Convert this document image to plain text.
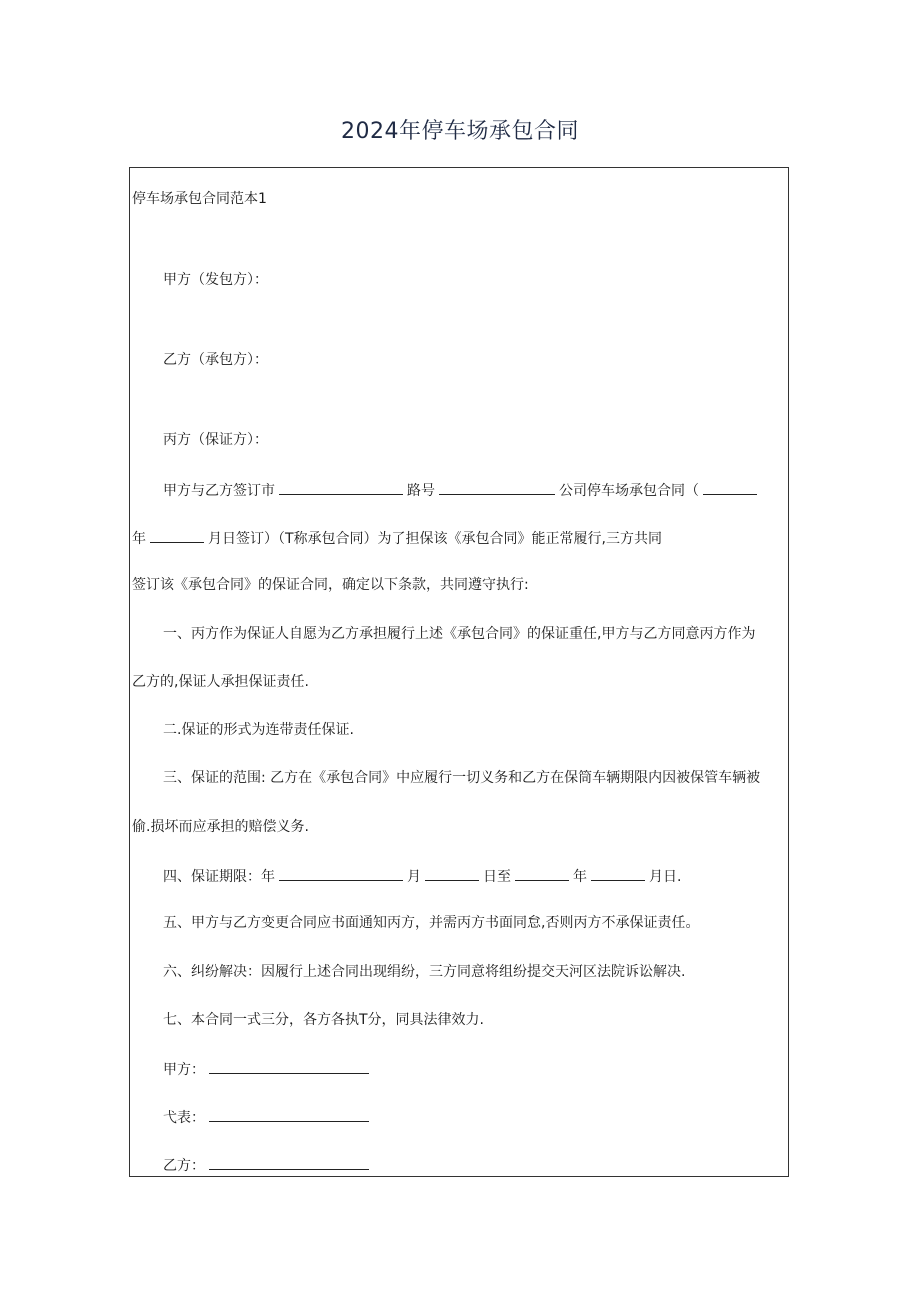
2024年停车场承包合同
停车场承包合同范本1
甲方（发包方）：
乙方（承包方）：
丙方（保证方）：
甲方与乙方签订市	路号	公司停车场承包合同（
年	月日签订）（T称承包合同）为了担保该《承包合同》能正常履行,三方共同
签订该《承包合同》的保证合同，确定以下条款，共同遵守执行:
一、丙方作为保证人自愿为乙方承担履行上述《承包合同》的保证重任,甲方与乙方同意丙方作为
乙方的,保证人承担保证责任.
二.保证的形式为连带责任保证.
三、保证的范围: 乙方在《承包合同》中应履行一切义务和乙方在保筒车辆期限内因被保管车辆被
偷.损坏而应承担的赔偿义务.
四、保证期限：年	月	日至	年	月日.
五、甲方与乙方变更合同应书面通知丙方，并需丙方书面同怠,否则丙方不承保证责任。
六、纠纷解决：因履行上述合同出现绢纷，三方同意将组纷提交天河区法院诉讼解决.
七、本合同一式三分，各方各执T分，同具法律效力.
甲方：
弋表：
乙方：
